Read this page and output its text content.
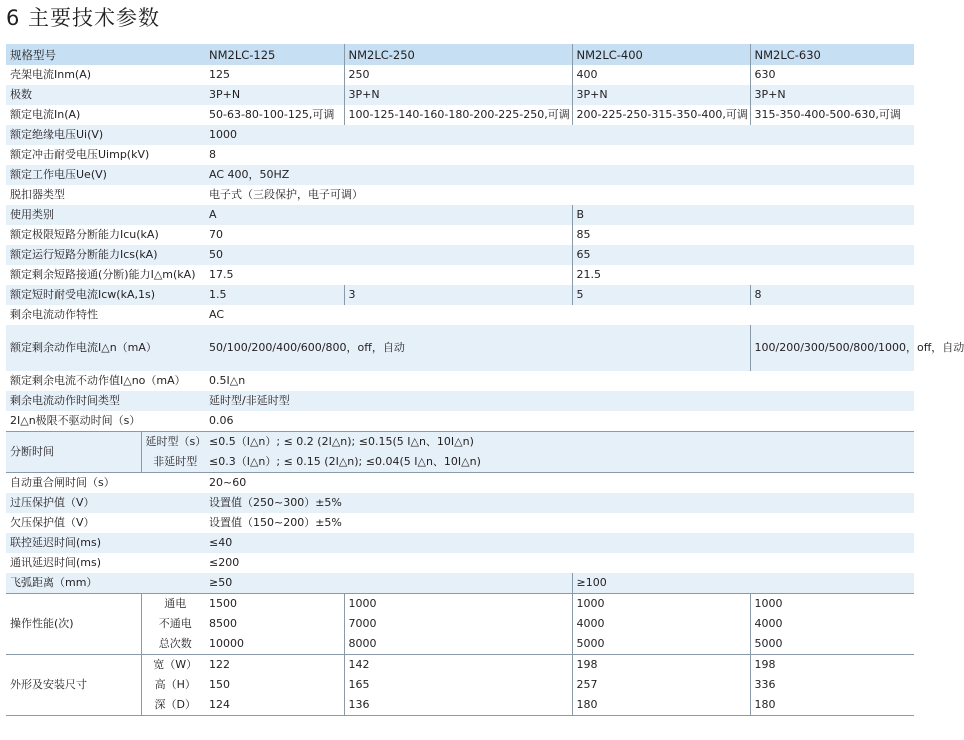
6 主要技术参数
规格型号		NM2LC-125	NM2LC-250	NM2LC-400	NM2LC-630
壳架电流Inm(A)		125	250	400	630
极数		3P+N	3P+N	3P+N	3P+N
额定电流In(A)		50-63-80-100-125,可调	100-125-140-160-180-200-225-250,可调	200-225-250-315-350-400,可调	315-350-400-500-630,可调
额定绝缘电压Ui(V)		1000			
额定冲击耐受电压Uimp(kV)		8			
额定工作电压Ue(V)		AC 400，50HZ			
脱扣器类型		电子式（三段保护，电子可调）			
使用类别		A		B	
额定极限短路分断能力Icu(kA)		70		85	
额定运行短路分断能力Ics(kA)		50		65	
额定剩余短路接通(分断)能力I△m(kA)		17.5		21.5	
额定短时耐受电流Icw(kA,1s)		1.5	3	5	8
剩余电流动作特性		AC			
额定剩余动作电流I△n（mA）		50/100/200/400/600/800，off，自动			100/200/300/500/800/1000，off，自动
额定剩余电流不动作值I△no（mA）		0.5I△n			
剩余电流动作时间类型		延时型/非延时型			
2I△n极限不驱动时间（s）		0.06			
分断时间	延时型（s）	≤0.5（I△n）; ≤ 0.2 (2I△n); ≤0.15(5 I△n、10I△n)			
	非延时型	≤0.3（I△n）; ≤ 0.15 (2I△n); ≤0.04(5 I△n、10I△n)			
自动重合闸时间（s）		20~60			
过压保护值（V）		设置值（250~300）±5%			
欠压保护值（V）		设置值（150~200）±5%			
联控延迟时间(ms)		≤40			
通讯延迟时间(ms)		≤200			
飞弧距离（mm）		≥50		≥100	
操作性能(次)	通电	1500	1000	1000	1000
	不通电	8500	7000	4000	4000
	总次数	10000	8000	5000	5000
外形及安装尺寸	宽（W）	122	142	198	198
	高（H）	150	165	257	336
	深（D）	124	136	180	180
